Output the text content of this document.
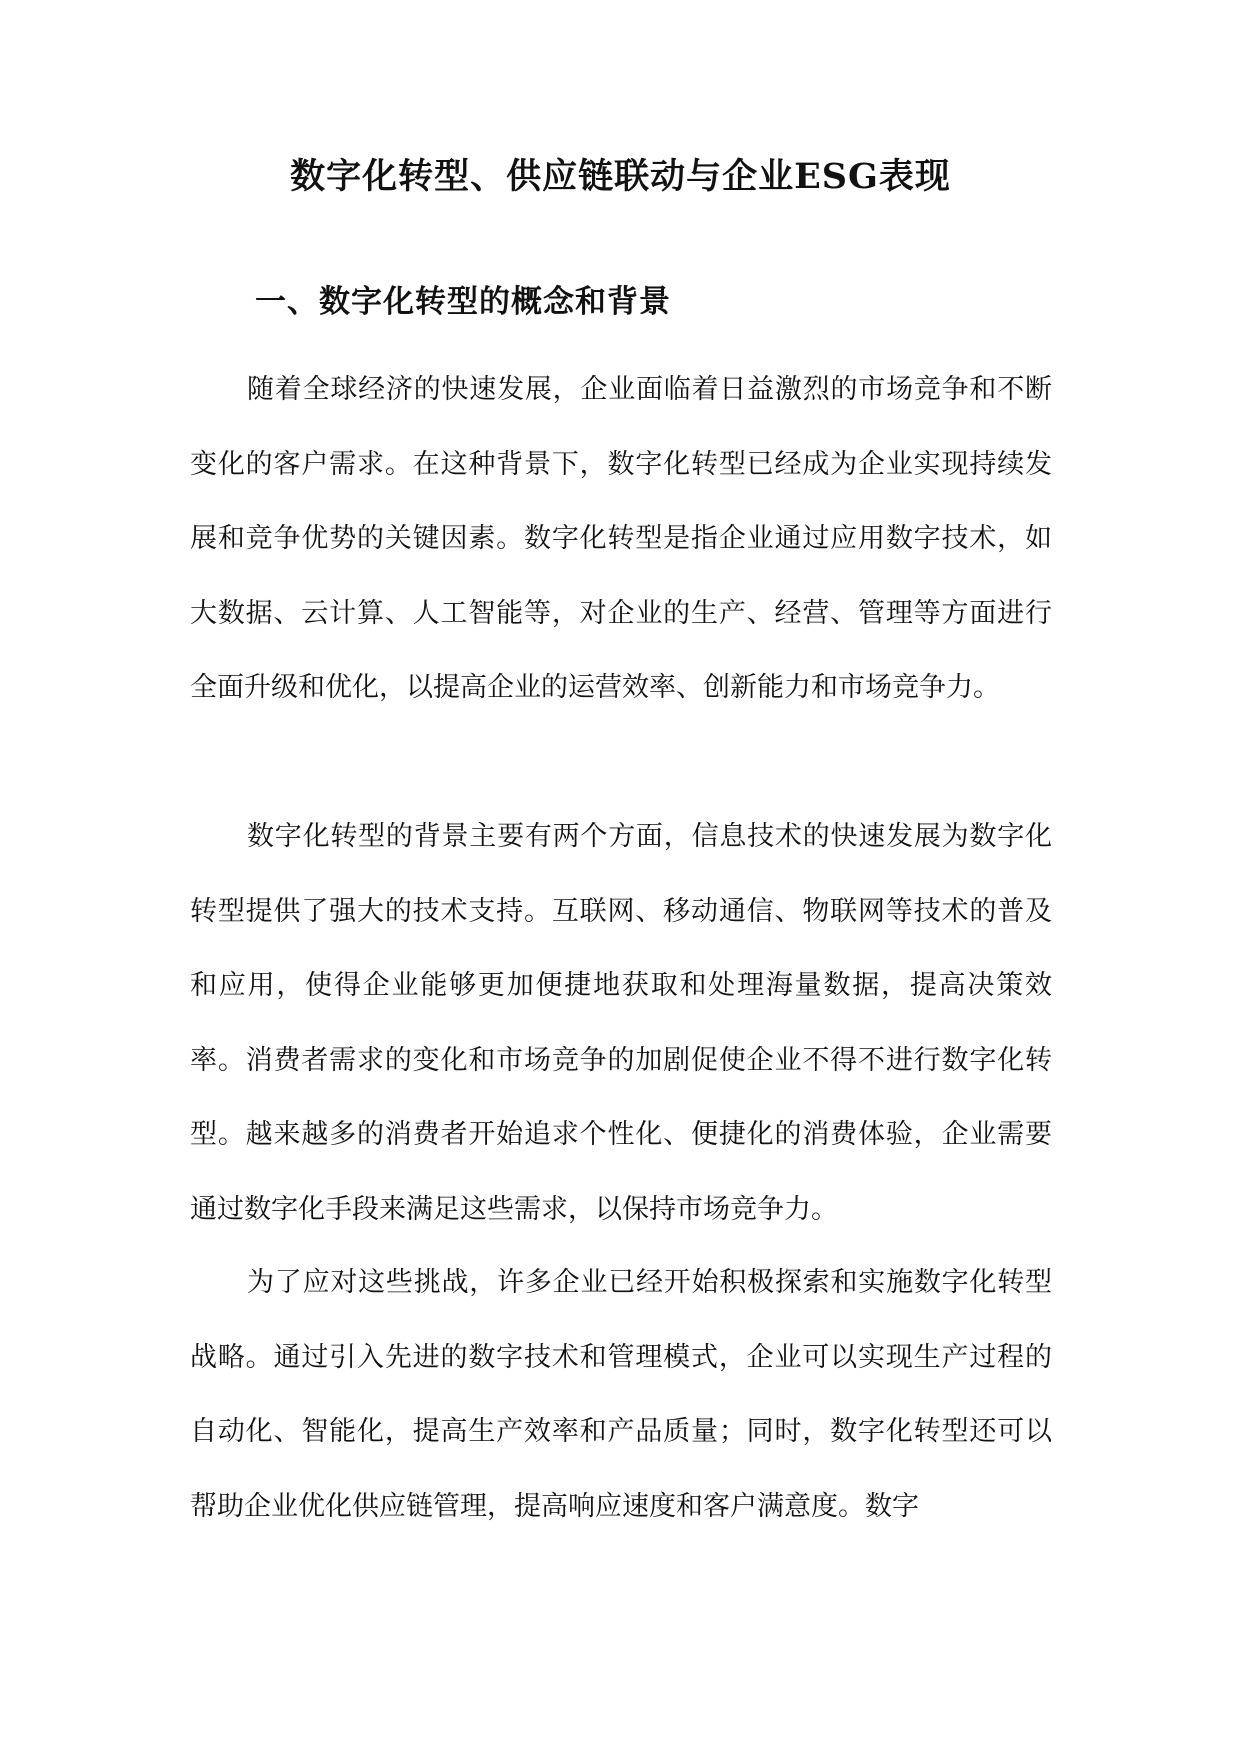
数字化转型、供应链联动与企业ESG表现
一、数字化转型的概念和背景

随着全球经济的快速发展，企业面临着日益激烈的市场竞争和不断变化的客户需求。在这种背景下，数字化转型已经成为企业实现持续发展和竞争优势的关键因素。数字化转型是指企业通过应用数字技术，如大数据、云计算、人工智能等，对企业的生产、经营、管理等方面进行全面升级和优化，以提高企业的运营效率、创新能力和市场竞争力。

数字化转型的背景主要有两个方面，信息技术的快速发展为数字化转型提供了强大的技术支持。互联网、移动通信、物联网等技术的普及和应用，使得企业能够更加便捷地获取和处理海量数据，提高决策效率。消费者需求的变化和市场竞争的加剧促使企业不得不进行数字化转型。越来越多的消费者开始追求个性化、便捷化的消费体验，企业需要通过数字化手段来满足这些需求，以保持市场竞争力。

为了应对这些挑战，许多企业已经开始积极探索和实施数字化转型战略。通过引入先进的数字技术和管理模式，企业可以实现生产过程的自动化、智能化，提高生产效率和产品质量；同时，数字化转型还可以帮助企业优化供应链管理，提高响应速度和客户满意度。数字
